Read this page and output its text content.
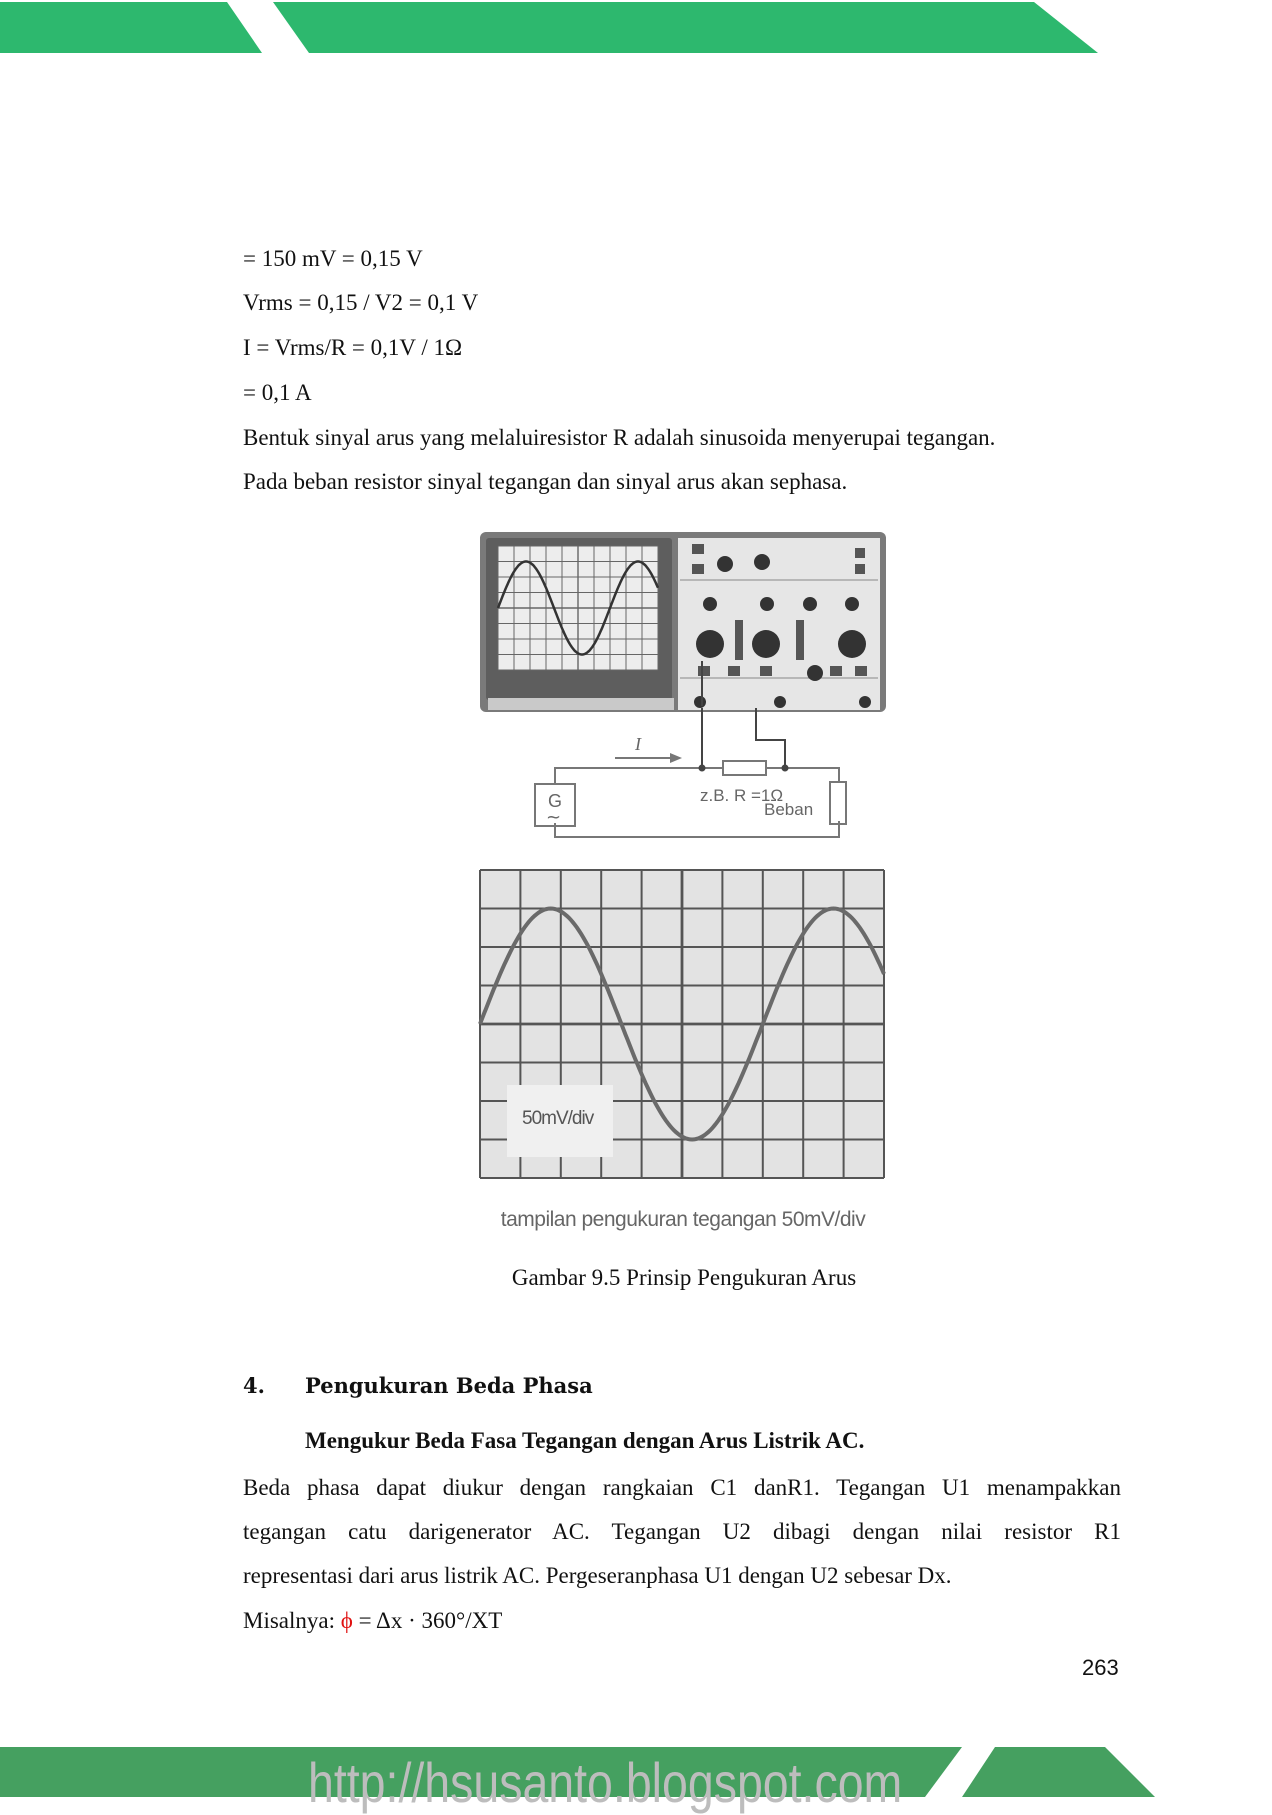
= 150 mV = 0,15 V
Vrms = 0,15 / V2 = 0,1 V
I = Vrms/R = 0,1V / 1Ω
= 0,1 A
Bentuk sinyal arus yang melaluiresistor R adalah sinusoida menyerupai tegangan.
Pada beban resistor sinyal tegangan dan sinyal arus akan sephasa.
I
G
~
z.B. R =1Ω
Beban
50mV/div
tampilan pengukuran tegangan 50mV/div
Gambar 9.5 Prinsip Pengukuran Arus
4. Pengukuran Beda Phasa
Mengukur Beda Fasa Tegangan dengan Arus Listrik AC.
Beda phasa dapat diukur dengan rangkaian C1 danR1. Tegangan U1 menampakkan
tegangan catu darigenerator AC. Tegangan U2 dibagi dengan nilai resistor R1
representasi dari arus listrik AC. Pergeseranphasa U1 dengan U2 sebesar Dx.
Misalnya: ϕ = Δx · 360°/XT
263
http://hsusanto.blogspot.com
